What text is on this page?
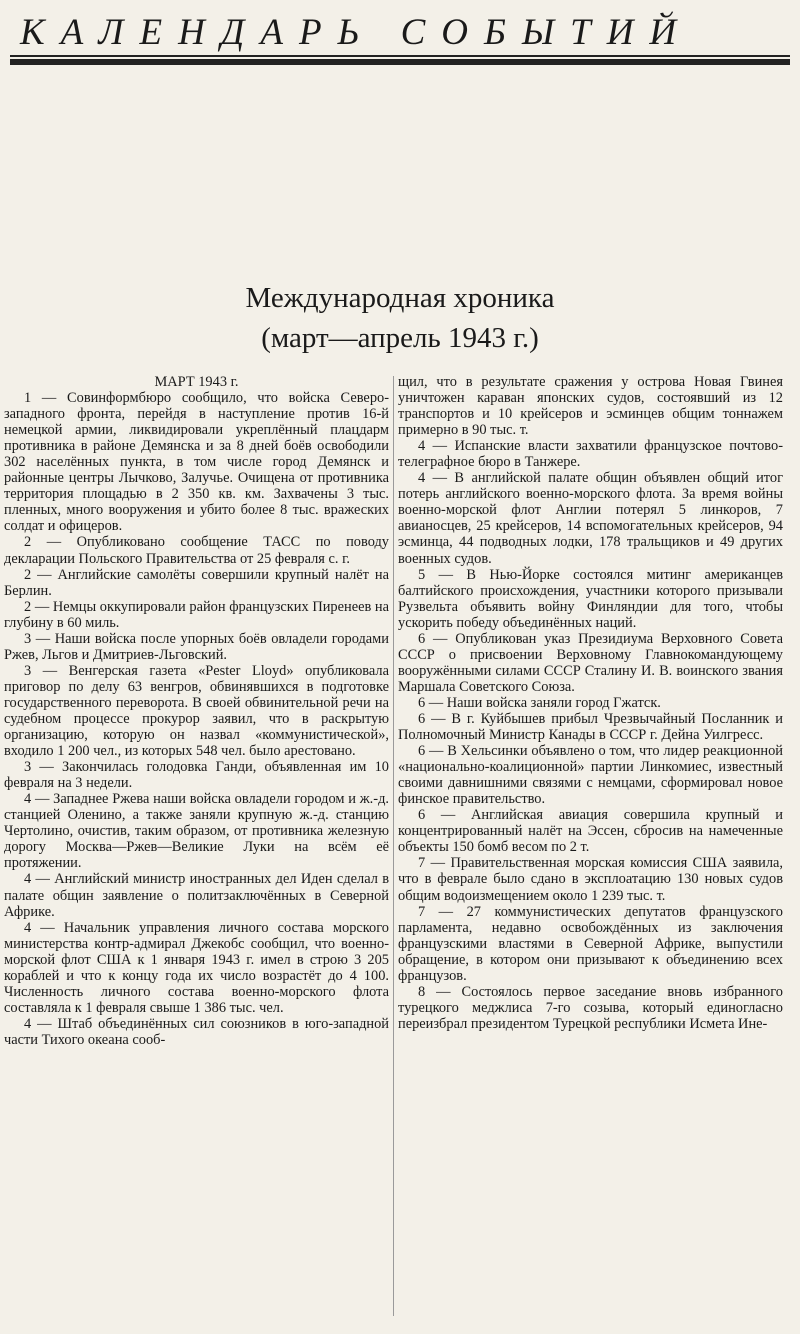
КАЛЕНДАРЬ СОБЫТИЙ
Международная хроника
(март—апрель 1943 г.)

МАРТ 1943 г.

1 — Совинформбюро сообщило, что войска Северо-западного фронта, перейдя в наступление против 16-й немецкой армии, ликвидировали укреплённый плацдарм противника в районе Демянска и за 8 дней боёв освободили 302 населённых пункта, в том числе город Демянск и районные центры Лычково, Залучье. Очищена от противника территория площадью в 2 350 кв. км. Захвачены 3 тыс. пленных, много вооружения и убито более 8 тыс. вражеских солдат и офицеров.

2 — Опубликовано сообщение ТАСС по поводу декларации Польского Правительства от 25 февраля с. г.

2 — Английские самолёты совершили крупный налёт на Берлин.

2 — Немцы оккупировали район французских Пиренеев на глубину в 60 миль.

3 — Наши войска после упорных боёв овладели городами Ржев, Льгов и Дмитриев-Льговский.

3 — Венгерская газета «Pester Lloyd» опубликовала приговор по делу 63 венгров, обвинявшихся в подготовке государственного переворота. В своей обвинительной речи на судебном процессе прокурор заявил, что в раскрытую организацию, которую он назвал «коммунистической», входило 1 200 чел., из которых 548 чел. было арестовано.

3 — Закончилась голодовка Ганди, объявленная им 10 февраля на 3 недели.

4 — Западнее Ржева наши войска овладели городом и ж.-д. станцией Оленино, а также заняли крупную ж.-д. станцию Чертолино, очистив, таким образом, от противника железную дорогу Москва—Ржев—Великие Луки на всём её протяжении.

4 — Английский министр иностранных дел Иден сделал в палате общин заявление о политзаключённых в Северной Африке.

4 — Начальник управления личного состава морского министерства контр-адмирал Джекобс сообщил, что военно-морской флот США к 1 января 1943 г. имел в строю 3 205 кораблей и что к концу года их число возрастёт до 4 100. Численность личного состава военно-морского флота составляла к 1 февраля свыше 1 386 тыс. чел.

4 — Штаб объединённых сил союзников в юго-западной части Тихого океана сооб-

щил, что в результате сражения у острова Новая Гвинея уничтожен караван японских судов, состоявший из 12 транспортов и 10 крейсеров и эсминцев общим тоннажем примерно в 90 тыс. т.

4 — Испанские власти захватили французское почтово-телеграфное бюро в Танжере.

4 — В английской палате общин объявлен общий итог потерь английского военно-морского флота. За время войны военно-морской флот Англии потерял 5 линкоров, 7 авианосцев, 25 крейсеров, 14 вспомогательных крейсеров, 94 эсминца, 44 подводных лодки, 178 тральщиков и 49 других военных судов.

5 — В Нью-Йорке состоялся митинг американцев балтийского происхождения, участники которого призывали Рузвельта объявить войну Финляндии для того, чтобы ускорить победу объединённых наций.

6 — Опубликован указ Президиума Верховного Совета СССР о присвоении Верховному Главнокомандующему вооружёнными силами СССР Сталину И. В. воинского звания Маршала Советского Союза.

6 — Наши войска заняли город Гжатск.

6 — В г. Куйбышев прибыл Чрезвычайный Посланник и Полномочный Министр Канады в СССР г. Дейна Уилгресс.

6 — В Хельсинки объявлено о том, что лидер реакционной «национально-коалиционной» партии Линкомиес, известный своими давнишними связями с немцами, сформировал новое финское правительство.

6 — Английская авиация совершила крупный и концентрированный налёт на Эссен, сбросив на намеченные объекты 150 бомб весом по 2 т.

7 — Правительственная морская комиссия США заявила, что в феврале было сдано в эксплоатацию 130 новых судов общим водоизмещением около 1 239 тыс. т.

7 — 27 коммунистических депутатов французского парламента, недавно освобождённых из заключения французскими властями в Северной Африке, выпустили обращение, в котором они призывают к объединению всех французов.

8 — Состоялось первое заседание вновь избранного турецкого меджлиса 7-го созыва, который единогласно переизбрал президентом Турецкой республики Исмета Ине-
